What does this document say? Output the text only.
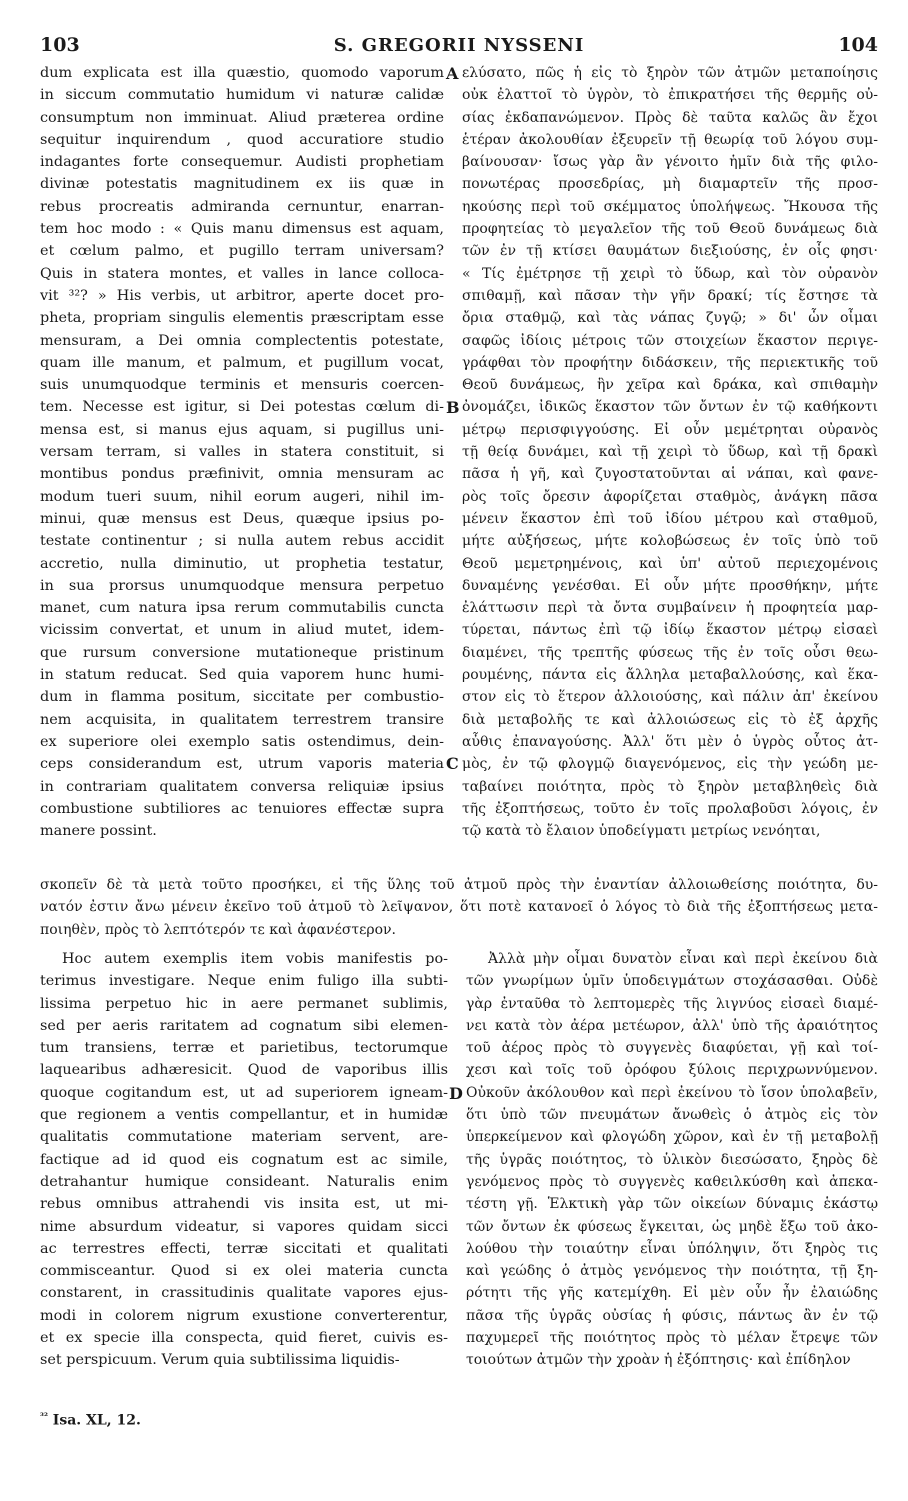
103	S. GREGORII NYSSENI	104

dum explicata est illa quæstio, quomodo vaporum

in siccum commutatio humidum vi naturæ calidæ

consumptum non imminuat. Aliud præterea ordine

sequitur inquirendum , quod accuratiore studio

indagantes forte consequemur. Audisti prophetiam

divinæ potestatis magnitudinem ex iis quæ in

rebus procreatis admiranda cernuntur, enarran-

tem hoc modo : « Quis manu dimensus est aquam,

et cœlum palmo, et pugillo terram universam?

Quis in statera montes, et valles in lance colloca-

vit ³²? » His verbis, ut arbitror, aperte docet pro-

pheta, propriam singulis elementis præscriptam esse

mensuram, a Dei omnia complectentis potestate,

quam ille manum, et palmum, et pugillum vocat,

suis unumquodque terminis et mensuris coercen-

tem. Necesse est igitur, si Dei potestas cœlum di-

mensa est, si manus ejus aquam, si pugillus uni-

versam terram, si valles in statera constituit, si

montibus pondus præfinivit, omnia mensuram ac

modum tueri suum, nihil eorum augeri, nihil im-

minui, quæ mensus est Deus, quæque ipsius po-

testate continentur ; si nulla autem rebus accidit

accretio, nulla diminutio, ut prophetia testatur,

in sua prorsus unumquodque mensura perpetuo

manet, cum natura ipsa rerum commutabilis cuncta

vicissim convertat, et unum in aliud mutet, idem-

que rursum conversione mutationeque pristinum

in statum reducat. Sed quia vaporem hunc humi-

dum in flamma positum, siccitate per combustio-

nem acquisita, in qualitatem terrestrem transire

ex superiore olei exemplo satis ostendimus, dein-

ceps considerandum est, utrum vaporis materia

in contrariam qualitatem conversa reliquiæ ipsius

combustione subtiliores ac tenuiores effectæ supra

manere possint.

ελύσατο, πῶς ἡ εἰς τὸ ξηρὸν τῶν ἀτμῶν μεταποίησις

οὐκ ἐλαττοῖ τὸ ὑγρὸν, τὸ ἐπικρατήσει τῆς θερμῆς οὐ-

σίας ἐκδαπανώμενον. Πρὸς δὲ ταῦτα καλῶς ἂν ἔχοι

ἑτέραν ἀκολουθίαν ἐξευρεῖν τῇ θεωρίᾳ τοῦ λόγου συμ-

βαίνουσαν· ἴσως γὰρ ἂν γένοιτο ἡμῖν διὰ τῆς φιλο-

πονωτέρας προσεδρίας, μὴ διαμαρτεῖν τῆς προσ-

ηκούσης περὶ τοῦ σκέμματος ὑπολήψεως. Ἤκουσα τῆς

προφητείας τὸ μεγαλεῖον τῆς τοῦ Θεοῦ δυνάμεως διὰ

τῶν ἐν τῇ κτίσει θαυμάτων διεξιούσης, ἐν οἷς φησι·

« Τίς ἐμέτρησε τῇ χειρὶ τὸ ὕδωρ, καὶ τὸν οὐρανὸν

σπιθαμῇ, καὶ πᾶσαν τὴν γῆν δρακί; τίς ἔστησε τὰ

ὄρια σταθμῷ, καὶ τὰς νάπας ζυγῷ; » δι' ὧν οἶμαι

σαφῶς ἰδίοις μέτροις τῶν στοιχείων ἕκαστον περιγε-

γράφθαι τὸν προφήτην διδάσκειν, τῆς περιεκτικῆς τοῦ

Θεοῦ δυνάμεως, ἣν χεῖρα καὶ δράκα, καὶ σπιθαμὴν

ὀνομάζει, ἰδικῶς ἕκαστον τῶν ὄντων ἐν τῷ καθήκοντι

μέτρῳ περισφιγγούσης. Εἰ οὖν μεμέτρηται οὐρανὸς

τῇ θείᾳ δυνάμει, καὶ τῇ χειρὶ τὸ ὕδωρ, καὶ τῇ δρακὶ

πᾶσα ἡ γῆ, καὶ ζυγοστατοῦνται αἱ νάπαι, καὶ φανε-

ρὸς τοῖς ὄρεσιν ἀφορίζεται σταθμὸς, ἀνάγκη πᾶσα

μένειν ἕκαστον ἐπὶ τοῦ ἰδίου μέτρου καὶ σταθμοῦ,

μήτε αὐξήσεως, μήτε κολοβώσεως ἐν τοῖς ὑπὸ τοῦ

Θεοῦ μεμετρημένοις, καὶ ὑπ' αὐτοῦ περιεχομένοις

δυναμένης γενέσθαι. Εἰ οὖν μήτε προσθήκην, μήτε

ἐλάττωσιν περὶ τὰ ὄντα συμβαίνειν ἡ προφητεία μαρ-

τύρεται, πάντως ἐπὶ τῷ ἰδίῳ ἕκαστον μέτρῳ εἰσαεὶ

διαμένει, τῆς τρεπτῆς φύσεως τῆς ἐν τοῖς οὖσι θεω-

ρουμένης, πάντα εἰς ἄλληλα μεταβαλλούσης, καὶ ἕκα-

στον εἰς τὸ ἕτερον ἀλλοιούσης, καὶ πάλιν ἀπ' ἐκείνου

διὰ μεταβολῆς τε καὶ ἀλλοιώσεως εἰς τὸ ἐξ ἀρχῆς

αὖθις ἐπαναγούσης. Ἀλλ' ὅτι μὲν ὁ ὑγρὸς οὗτος ἀτ-

μὸς, ἐν τῷ φλογμῷ διαγενόμενος, εἰς τὴν γεώδη με-

ταβαίνει ποιότητα, πρὸς τὸ ξηρὸν μεταβληθεὶς διὰ

τῆς ἐξοπτήσεως, τοῦτο ἐν τοῖς προλαβοῦσι λόγοις, ἐν

τῷ κατὰ τὸ ἔλαιον ὑποδείγματι μετρίως νενόηται,

σκοπεῖν δὲ τὰ μετὰ τοῦτο προσήκει, εἰ τῆς ὕλης τοῦ ἀτμοῦ πρὸς τὴν ἐναντίαν ἀλλοιωθείσης ποιότητα, δυ-

νατόν ἐστιν ἄνω μένειν ἐκεῖνο τοῦ ἀτμοῦ τὸ λεῖψανον, ὅτι ποτὲ κατανοεῖ ὁ λόγος τὸ διὰ τῆς ἐξοπτήσεως μετα-

ποιηθὲν, πρὸς τὸ λεπτότερόν τε καὶ ἀφανέστερον.

Hoc autem exemplis item vobis manifestis po-

terimus investigare. Neque enim fuligo illa subti-

lissima perpetuo hic in aere permanet sublimis,

sed per aeris raritatem ad cognatum sibi elemen-

tum transiens, terræ et parietibus, tectorumque

laquearibus adhæresicit. Quod de vaporibus illis

quoque cogitandum est, ut ad superiorem igneam-

que regionem a ventis compellantur, et in humidæ

qualitatis commutatione materiam servent, are-

factique ad id quod eis cognatum est ac simile,

detrahantur humique consideant. Naturalis enim

rebus omnibus attrahendi vis insita est, ut mi-

nime absurdum videatur, si vapores quidam sicci

ac terrestres effecti, terræ siccitati et qualitati

commisceantur. Quod si ex olei materia cuncta

constarent, in crassitudinis qualitate vapores ejus-

modi in colorem nigrum exustione converterentur,

et ex specie illa conspecta, quid fieret, cuivis es-

set perspicuum. Verum quia subtilissima liquidis-

Ἀλλὰ μὴν οἶμαι δυνατὸν εἶναι καὶ περὶ ἐκείνου διὰ

τῶν γνωρίμων ὑμῖν ὑποδειγμάτων στοχάσασθαι. Οὐδὲ

γὰρ ἐνταῦθα τὸ λεπτομερὲς τῆς λιγνύος εἰσαεὶ διαμέ-

νει κατὰ τὸν ἀέρα μετέωρον, ἀλλ' ὑπὸ τῆς ἀραιότητος

τοῦ ἀέρος πρὸς τὸ συγγενὲς διαφύεται, γῇ καὶ τοί-

χεσι καὶ τοῖς τοῦ ὀρόφου ξύλοις περιχρωννύμενον.

Οὐκοῦν ἀκόλουθον καὶ περὶ ἐκείνου τὸ ἴσον ὑπολαβεῖν,

ὅτι ὑπὸ τῶν πνευμάτων ἄνωθεὶς ὁ ἀτμὸς εἰς τὸν

ὑπερκείμενον καὶ φλογώδη χῶρον, καὶ ἐν τῇ μεταβολῇ

τῆς ὑγρᾶς ποιότητος, τὸ ὑλικὸν διεσώσατο, ξηρὸς δὲ

γενόμενος πρὸς τὸ συγγενὲς καθειλκύσθη καὶ ἀπεκα-

τέστη γῇ. Ἑλκτικὴ γὰρ τῶν οἰκείων δύναμις ἑκάστῳ

τῶν ὄντων ἐκ φύσεως ἔγκειται, ὡς μηδὲ ἔξω τοῦ ἀκο-

λούθου τὴν τοιαύτην εἶναι ὑπόληψιν, ὅτι ξηρὸς τις

καὶ γεώδης ὁ ἀτμὸς γενόμενος τὴν ποιότητα, τῇ ξη-

ρότητι τῆς γῆς κατεμίχθη. Εἰ μὲν οὖν ἦν ἐλαιώδης

πᾶσα τῆς ὑγρᾶς οὐσίας ἡ φύσις, πάντως ἂν ἐν τῷ

παχυμερεῖ τῆς ποιότητος πρὸς τὸ μέλαν ἔτρεψε τῶν

τοιούτων ἀτμῶν τὴν χροὰν ἡ ἐξόπτησις· καὶ ἐπίδηλον

A
B
C
D
$^{^{32}}$ Isa. XL, 12.
